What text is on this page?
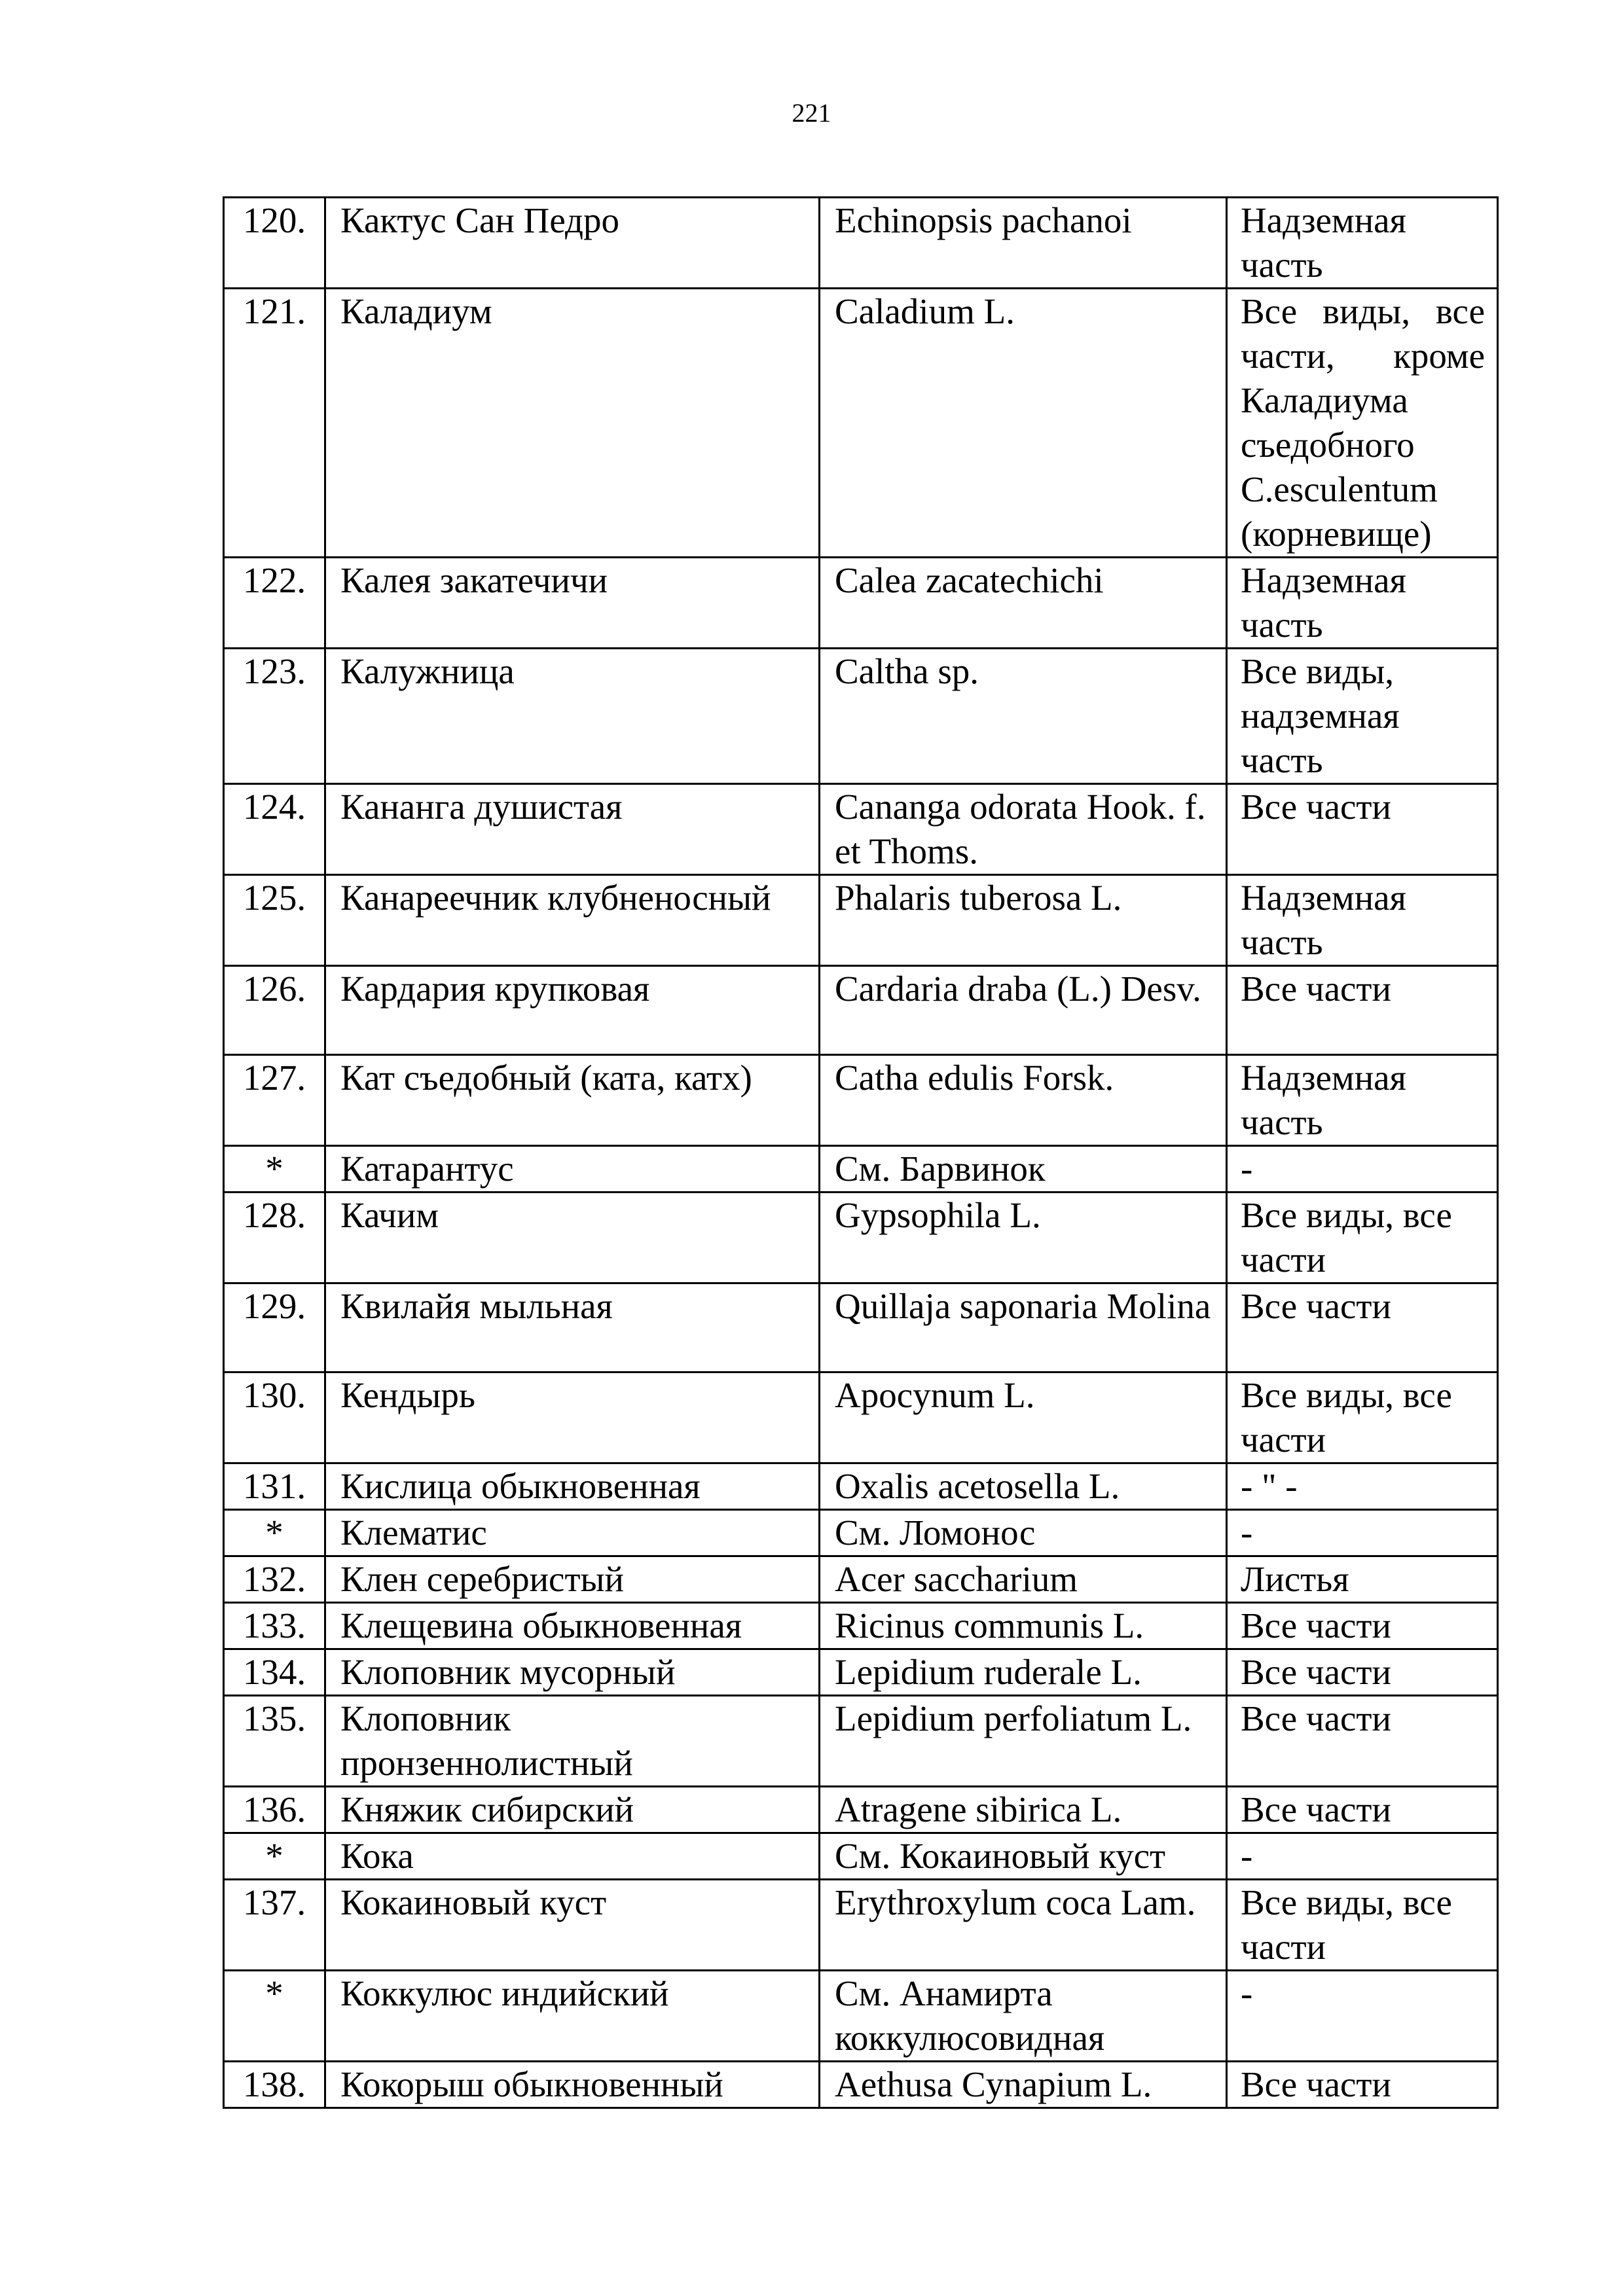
221
120.	Кактус Сан Педро	Echinopsis pachanoi	Надземная часть
121.	Каладиум	Caladium L.	Все виды, все части, кроме Каладиума съедобного C.esculentum (корневище)
122.	Калея закатечичи	Calea zacatechichi	Надземная часть
123.	Калужница	Caltha sp.	Все виды, надземная часть
124.	Кананга душистая	Cananga odorata Hook. f. et Thoms.	Все части
125.	Канареечник клубненосный	Phalaris tuberosa L.	Надземная часть
126.	Кардария крупковая	Cardaria draba (L.) Desv.	Все части
127.	Кат съедобный (ката, катх)	Catha edulis Forsk.	Надземная часть
*	Катарантус	См. Барвинок	-
128.	Качим	Gypsophila L.	Все виды, все части
129.	Квилайя мыльная	Quillaja saponaria Molina	Все части
130.	Кендырь	Apocynum L.	Все виды, все части
131.	Кислица обыкновенная	Oxalis acetosella L.	- " -
*	Клематис	См. Ломонос	-
132.	Клен серебристый	Acer saccharium	Листья
133.	Клещевина обыкновенная	Ricinus communis L.	Все части
134.	Клоповник мусорный	Lepidium ruderale L.	Все части
135.	Клоповник пронзеннолистный	Lepidium perfoliatum L.	Все части
136.	Княжик сибирский	Atragene sibirica L.	Все части
*	Кока	См. Кокаиновый куст	-
137.	Кокаиновый куст	Erythroxylum coca Lam.	Все виды, все части
*	Коккулюс индийский	См. Анамирта коккулюсовидная	-
138.	Кокорыш обыкновенный	Aethusa Cynapium L.	Все части
